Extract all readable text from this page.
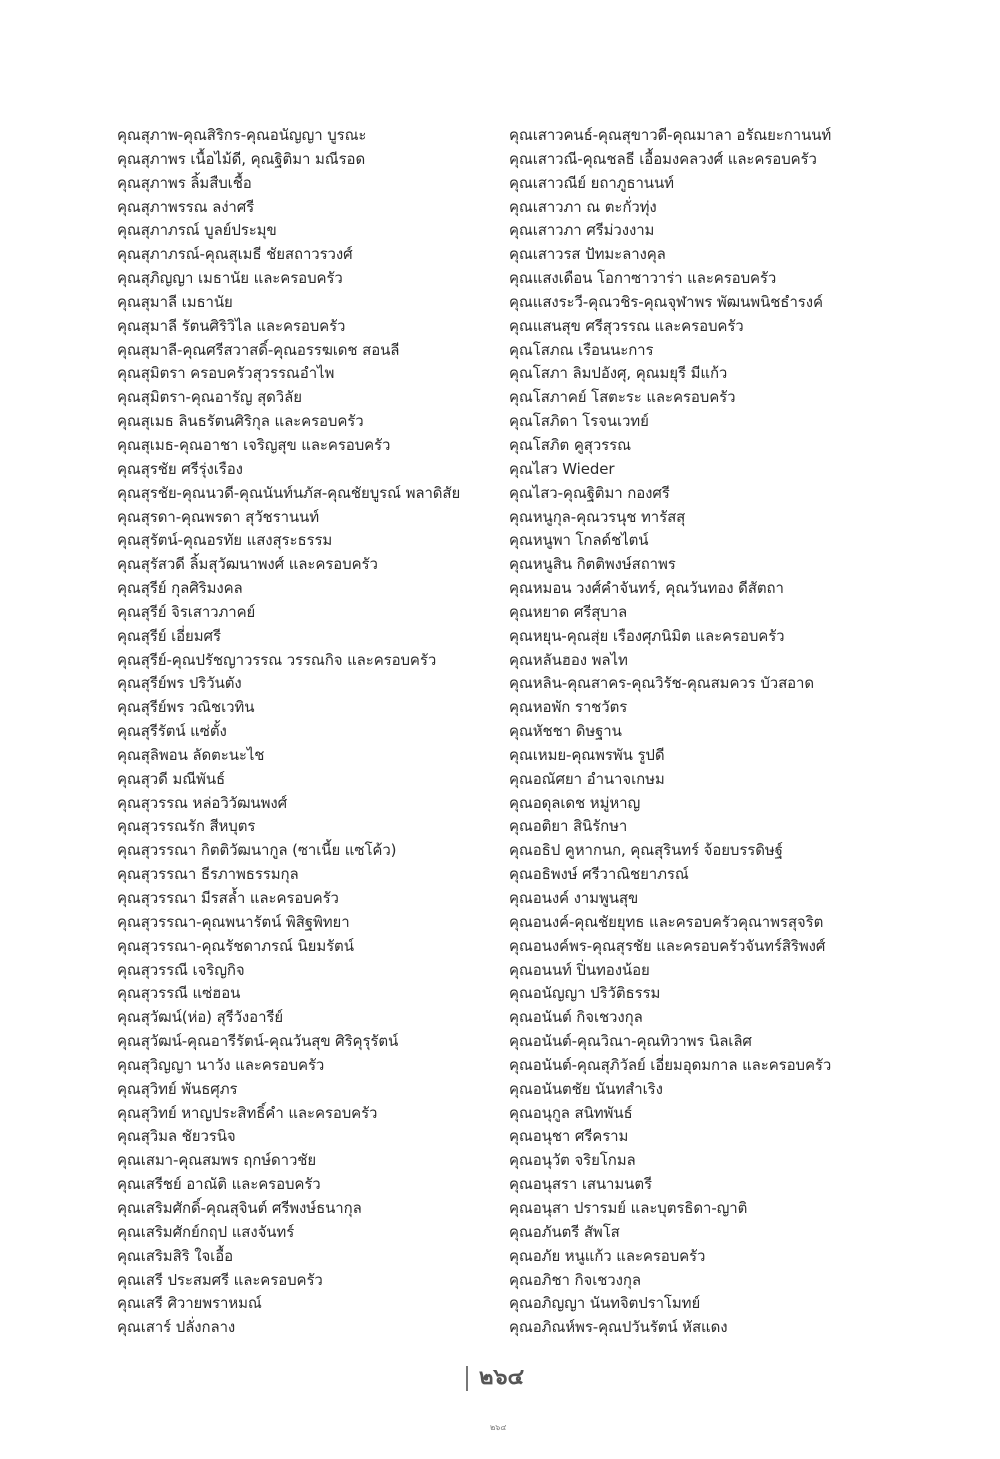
คุณสุภาพ-คุณสิริกร-คุณอนัญญา บูรณะ
คุณสุภาพร เนื้อไม้ดี, คุณฐิติมา มณีรอด
คุณสุภาพร ลิ้มสืบเชื้อ
คุณสุภาพรรณ ลง่าศรี
คุณสุภาภรณ์ บูลย์ประมุข
คุณสุภาภรณ์-คุณสุเมธี ชัยสถาวรวงศ์
คุณสุภิญญา เมธานัย และครอบครัว
คุณสุมาลี เมธานัย
คุณสุมาลี รัตนศิริวิไล และครอบครัว
คุณสุมาลี-คุณศรีสวาสดิ์-คุณอรรฆเดช สอนลี
คุณสุมิตรา ครอบครัวสุวรรณอำไพ
คุณสุมิตรา-คุณอารัญ สุดวิลัย
คุณสุเมธ ลินธรัตนศิริกุล และครอบครัว
คุณสุเมธ-คุณอาชา เจริญสุข และครอบครัว
คุณสุรชัย ศรีรุ่งเรือง
คุณสุรชัย-คุณนวดี-คุณนันท์นภัส-คุณชัยบูรณ์ พลาดิสัย
คุณสุรดา-คุณพรดา สุวัชรานนท์
คุณสุรัตน์-คุณอรทัย แสงสุระธรรม
คุณสุรัสวดี ลิ้มสุวัฒนาพงศ์ และครอบครัว
คุณสุรีย์ กุลศิริมงคล
คุณสุรีย์ จิรเสาวภาคย์
คุณสุรีย์ เอี่ยมศรี
คุณสุรีย์-คุณปรัชญาวรรณ วรรณกิจ และครอบครัว
คุณสุรีย์พร ปริวันตัง
คุณสุรีย์พร วณิชเวทิน
คุณสุรีรัตน์ แซ่ตั้ง
คุณสุลิพอน ลัดตะนะไช
คุณสุวดี มณีพันธ์
คุณสุวรรณ หล่อวิวัฒนพงศ์
คุณสุวรรณรัก สีหบุตร
คุณสุวรรณา กิตติวัฒนากูล (ซาเนี้ย แซโค้ว)
คุณสุวรรณา ธีรภาพธรรมกุล
คุณสุวรรณา มีรสล้ำ และครอบครัว
คุณสุวรรณา-คุณพนารัตน์ พิสิฐพิทยา
คุณสุวรรณา-คุณรัชดาภรณ์ นิยมรัตน์
คุณสุวรรณี เจริญกิจ
คุณสุวรรณี แซ่ฮอน
คุณสุวัฒน์(ห่อ) สุรีวังอารีย์
คุณสุวัฒน์-คุณอารีรัตน์-คุณวันสุข ศิริคุรุรัตน์
คุณสุวิญญา นาวัง และครอบครัว
คุณสุวิทย์ พันธศุภร
คุณสุวิทย์ หาญประสิทธิ์คำ และครอบครัว
คุณสุวิมล ชัยวรนิจ
คุณเสมา-คุณสมพร ฤกษ์ดาวชัย
คุณเสรีชย์ อาณัติ และครอบครัว
คุณเสริมศักดิ์-คุณสุจินต์ ศรีพงษ์ธนากุล
คุณเสริมศักย์กฤป แสงจันทร์
คุณเสริมสิริ ใจเอื้อ
คุณเสรี ประสมศรี และครอบครัว
คุณเสรี ศิวายพราหมณ์
คุณเสาร์ ปลั่งกลาง
คุณเสาวคนธ์-คุณสุขาวดี-คุณมาลา อรัณยะกานนท์
คุณเสาวณี-คุณชลธี เอื้อมงคลวงศ์ และครอบครัว
คุณเสาวณีย์ ยถาภูธานนท์
คุณเสาวภา ณ ตะกั่วทุ่ง
คุณเสาวภา ศรีม่วงงาม
คุณเสาวรส ปัทมะลางคุล
คุณแสงเดือน โอกาซาวาร่า และครอบครัว
คุณแสงระวี-คุณวชิร-คุณจุฬาพร พัฒนพนิชธำรงค์
คุณแสนสุข ศรีสุวรรณ และครอบครัว
คุณโสภณ เรือนนะการ
คุณโสภา ลิมปอังศุ, คุณมยุรี มีแก้ว
คุณโสภาคย์ โสตะระ และครอบครัว
คุณโสภิดา โรจนเวทย์
คุณโสภิต คูสุวรรณ
คุณไสว Wieder
คุณไสว-คุณฐิติมา กองศรี
คุณหนูกุล-คุณวรนุช ทารัสสุ
คุณหนูพา โกลด์ชไตน์
คุณหนูสิน กิตติพงษ์สถาพร
คุณหมอน วงศ์คำจันทร์, คุณวันทอง ดีสัตถา
คุณหยาด ศรีสุบาล
คุณหยุน-คุณสุ่ย เรืองศุภนิมิต และครอบครัว
คุณหลันฮอง พลไท
คุณหลิน-คุณสาคร-คุณวิรัช-คุณสมควร บัวสอาด
คุณหอพัก ราชวัตร
คุณหัชชา ดิษฐาน
คุณเหมย-คุณพรพัน รูปดี
คุณอณัศยา อำนาจเกษม
คุณอดุลเดช หมู่หาญ
คุณอติยา สินิรักษา
คุณอธิป คูหากนก, คุณสุรินทร์ จ้อยบรรดิษฐ์
คุณอธิพงษ์ ศรีวาณิชยาภรณ์
คุณอนงค์ งามพูนสุข
คุณอนงค์-คุณชัยยุทธ และครอบครัวคุณาพรสุจริต
คุณอนงค์พร-คุณสุรชัย และครอบครัวจันทร์สิริพงศ์
คุณอนนท์ ปิ่นทองน้อย
คุณอนัญญา ปริวัติธรรม
คุณอนันต์ กิจเชวงกุล
คุณอนันต์-คุณวิณา-คุณทิวาพร นิลเลิศ
คุณอนันต์-คุณสุภิวัลย์ เอี่ยมอุดมกาล และครอบครัว
คุณอนันตชัย นันทสำเริง
คุณอนุกูล สนิทพันธ์
คุณอนุชา ศรีคราม
คุณอนุวัต จริยโกมล
คุณอนุสรา เสนามนตรี
คุณอนุสา ปรารมย์ และบุตรธิดา-ญาติ
คุณอภันตรี สัพโส
คุณอภัย หนูแก้ว และครอบครัว
คุณอภิชา กิจเชวงกุล
คุณอภิญญา นันทจิตปราโมทย์
คุณอภิณห์พร-คุณปวันรัตน์ หัสแดง
๒๖๔
๒๖๔
